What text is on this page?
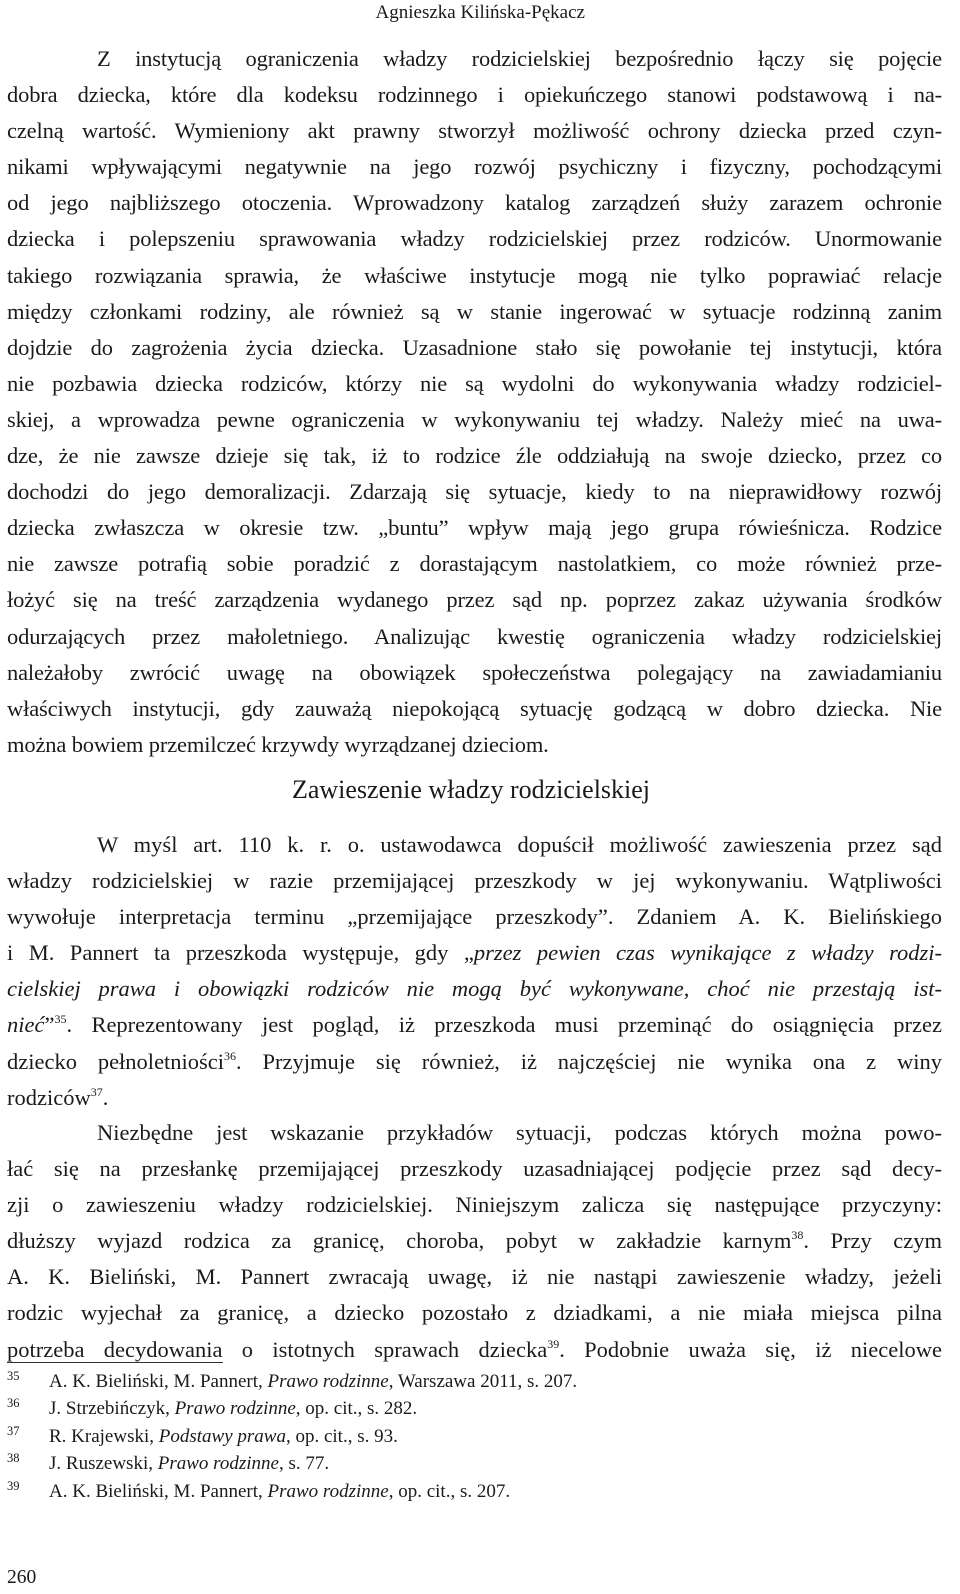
Agnieszka Kilińska-Pękacz
Z instytucją ograniczenia władzy rodzicielskiej bezpośrednio łączy się pojęcie
dobra dziecka, które dla kodeksu rodzinnego i opiekuńczego stanowi podstawową i na-
czelną wartość. Wymieniony akt prawny stworzył możliwość ochrony dziecka przed czyn-
nikami wpływającymi negatywnie na jego rozwój psychiczny i fizyczny, pochodzącymi
od jego najbliższego otoczenia. Wprowadzony katalog zarządzeń służy zarazem ochronie
dziecka i polepszeniu sprawowania władzy rodzicielskiej przez rodziców. Unormowanie
takiego rozwiązania sprawia, że właściwe instytucje mogą nie tylko poprawiać relacje
między członkami rodziny, ale również są w stanie ingerować w sytuacje rodzinną zanim
dojdzie do zagrożenia życia dziecka. Uzasadnione stało się powołanie tej instytucji, która
nie pozbawia dziecka rodziców, którzy nie są wydolni do wykonywania władzy rodziciel-
skiej, a wprowadza pewne ograniczenia w wykonywaniu tej władzy. Należy mieć na uwa-
dze, że nie zawsze dzieje się tak, iż to rodzice źle oddziałują na swoje dziecko, przez co
dochodzi do jego demoralizacji. Zdarzają się sytuacje, kiedy to na nieprawidłowy rozwój
dziecka zwłaszcza w okresie tzw. „buntu” wpływ mają jego grupa rówieśnicza. Rodzice
nie zawsze potrafią sobie poradzić z dorastającym nastolatkiem, co może również prze-
łożyć się na treść zarządzenia wydanego przez sąd np. poprzez zakaz używania środków
odurzających przez małoletniego. Analizując kwestię ograniczenia władzy rodzicielskiej
należałoby zwrócić uwagę na obowiązek społeczeństwa polegający na zawiadamianiu
właściwych instytucji, gdy zauważą niepokojącą sytuację godzącą w dobro dziecka. Nie
można bowiem przemilczeć krzywdy wyrządzanej dzieciom.
Zawieszenie władzy rodzicielskiej
W myśl art. 110 k. r. o. ustawodawca dopuścił możliwość zawieszenia przez sąd
władzy rodzicielskiej w razie przemijającej przeszkody w jej wykonywaniu. Wątpliwości
wywołuje interpretacja terminu „przemijające przeszkody”. Zdaniem A. K. Bielińskiego
i M. Pannert ta przeszkoda występuje, gdy „przez pewien czas wynikające z władzy rodzi-
cielskiej prawa i obowiązki rodziców nie mogą być wykonywane, choć nie przestają ist-
nieć”$^{35}$. Reprezentowany jest pogląd, iż przeszkoda musi przeminąć do osiągnięcia przez
dziecko pełnoletniości$^{36}$. Przyjmuje się również, iż najczęściej nie wynika ona z winy
rodziców$^{37}$.
Niezbędne jest wskazanie przykładów sytuacji, podczas których można powo-
łać się na przesłankę przemijającej przeszkody uzasadniającej podjęcie przez sąd decy-
zji o zawieszeniu władzy rodzicielskiej. Niniejszym zalicza się następujące przyczyny:
dłuższy wyjazd rodzica za granicę, choroba, pobyt w zakładzie karnym$^{38}$. Przy czym
A. K. Bieliński, M. Pannert zwracają uwagę, iż nie nastąpi zawieszenie władzy, jeżeli
rodzic wyjechał za granicę, a dziecko pozostało z dziadkami, a nie miała miejsca pilna
potrzeba decydowania o istotnych sprawach dziecka$^{39}$. Podobnie uważa się, iż niecelowe
35 A. K. Bieliński, M. Pannert, Prawo rodzinne, Warszawa 2011, s. 207.
36 J. Strzebińczyk, Prawo rodzinne, op. cit., s. 282.
37 R. Krajewski, Podstawy prawa, op. cit., s. 93.
38 J. Ruszewski, Prawo rodzinne, s. 77.
39 A. K. Bieliński, M. Pannert, Prawo rodzinne, op. cit., s. 207.
260
